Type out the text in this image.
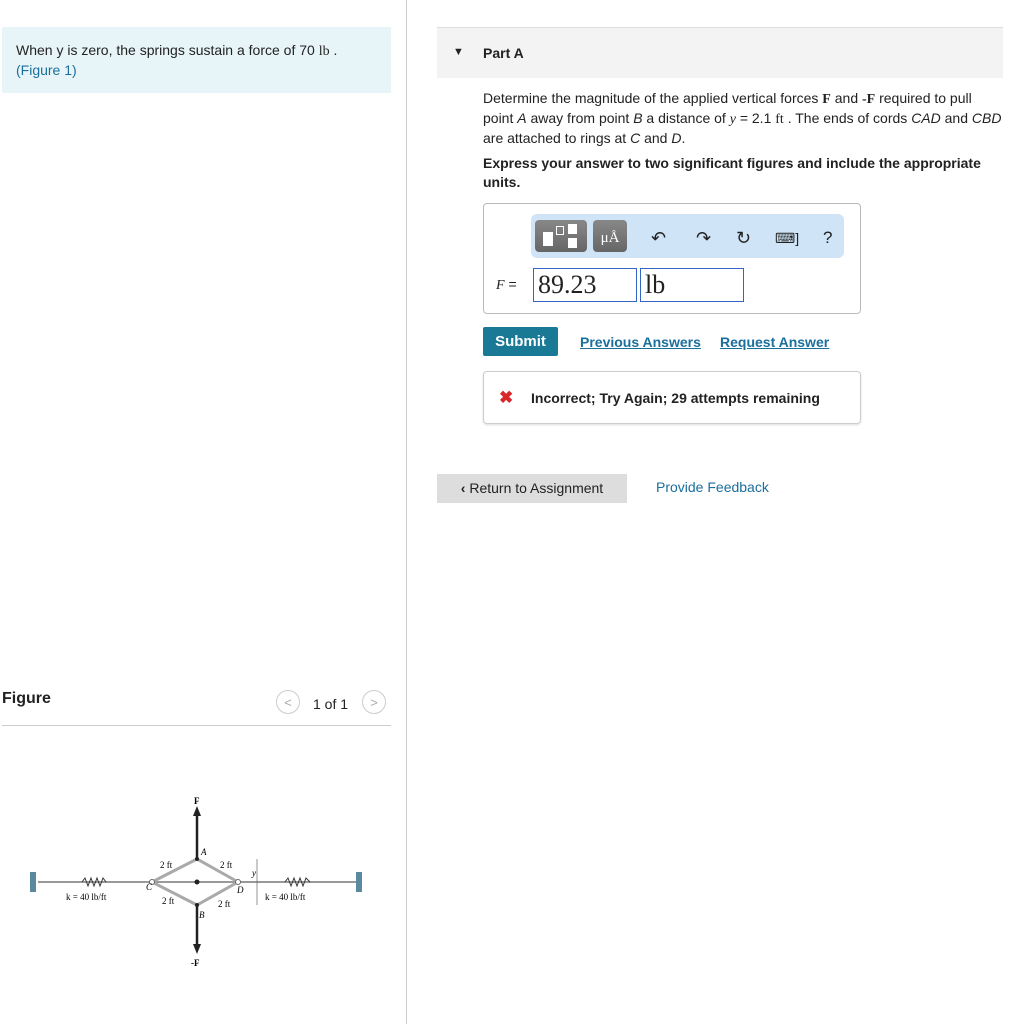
When y is zero, the springs sustain a force of 70 lb .
(Figure 1)
▼ Part A
Determine the magnitude of the applied vertical forces F and -F required to pull point A away from point B a distance of y = 2.1 ft . The ends of cords CAD and CBD are attached to rings at C and D.
Express your answer to two significant figures and include the appropriate units.
μÅ	↶ ↷ ↻ ⌨] ?
F = 89.23	lb
Submit	Previous Answers Request Answer
✖ Incorrect; Try Again; 29 attempts remaining
‹ Return to Assignment	Provide Feedback
Figure	<	1 of 1	>
F
-F
A
B
C	D
y
2 ft	2 ft
2 ft	2 ft
k = 40 lb/ft	k = 40 lb/ft
